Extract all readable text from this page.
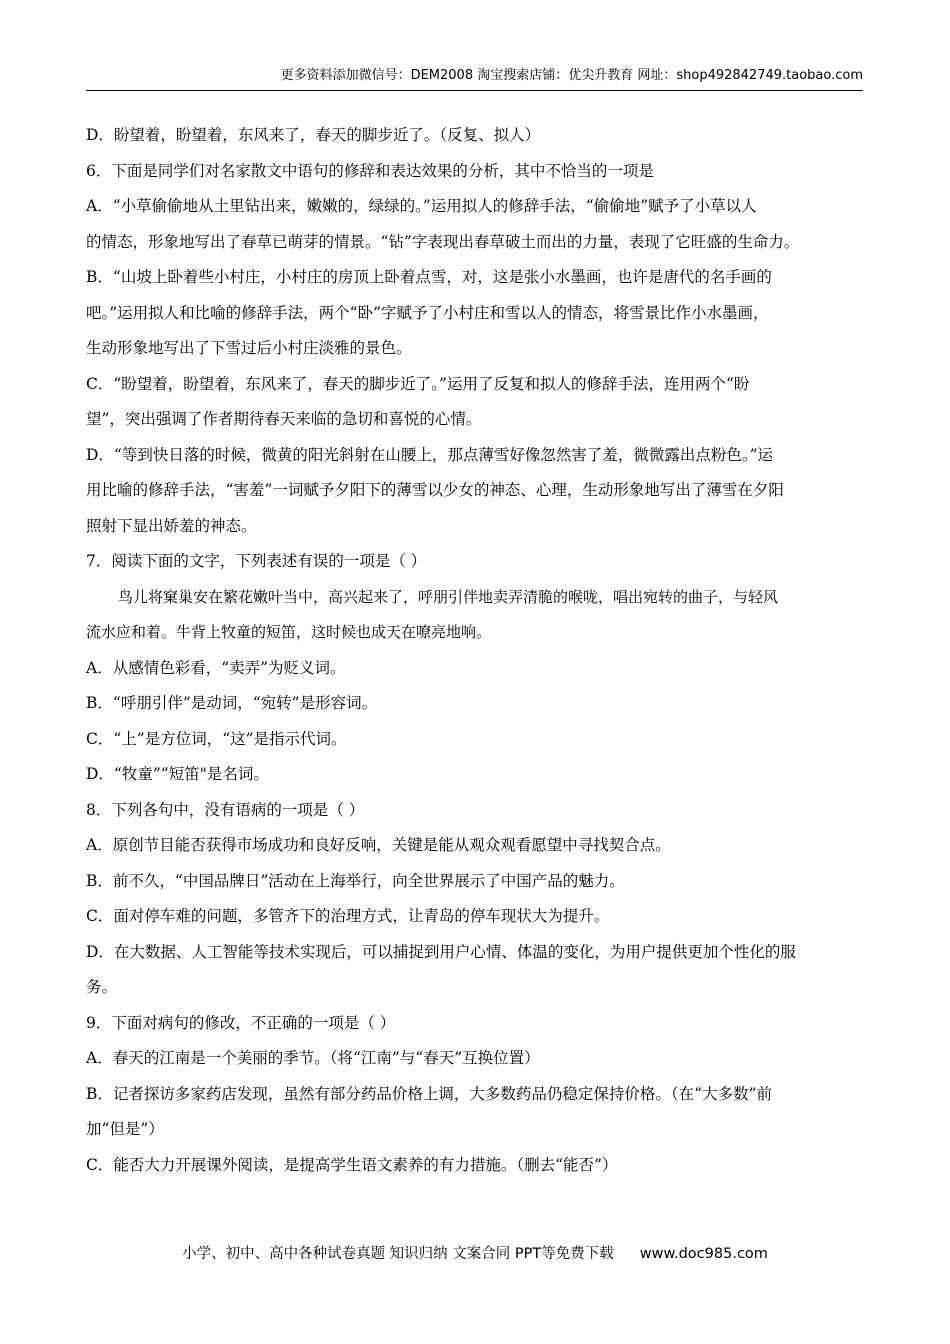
更多资料添加微信号：DEM2008 淘宝搜索店铺：优尖升教育 网址：shop492842749.taobao.com
D．盼望着，盼望着，东风来了，春天的脚步近了。（反复、拟人）
6．下面是同学们对名家散文中语句的修辞和表达效果的分析，其中不恰当的一项是
A．“小草偷偷地从土里钻出来，嫩嫩的，绿绿的。”运用拟人的修辞手法，“偷偷地”赋予了小草以人
的情态，形象地写出了春草已萌芽的情景。“钻”字表现出春草破土而出的力量，表现了它旺盛的生命力。
B．“山坡上卧着些小村庄，小村庄的房顶上卧着点雪，对，这是张小水墨画，也许是唐代的名手画的
吧。”运用拟人和比喻的修辞手法，两个“卧”字赋予了小村庄和雪以人的情态，将雪景比作小水墨画，
生动形象地写出了下雪过后小村庄淡雅的景色。
C．“盼望着，盼望着，东风来了，春天的脚步近了。”运用了反复和拟人的修辞手法，连用两个“盼
望”，突出强调了作者期待春天来临的急切和喜悦的心情。
D．“等到快日落的时候，微黄的阳光斜射在山腰上，那点薄雪好像忽然害了羞，微微露出点粉色。”运
用比喻的修辞手法，“害羞”一词赋予夕阳下的薄雪以少女的神态、心理，生动形象地写出了薄雪在夕阳
照射下显出娇羞的神态。
7．阅读下面的文字，下列表述有误的一项是（ ）
鸟儿将窠巢安在繁花嫩叶当中，高兴起来了，呼朋引伴地卖弄清脆的喉咙，唱出宛转的曲子，与轻风
流水应和着。牛背上牧童的短笛，这时候也成天在嘹亮地响。
A．从感情色彩看，“卖弄”为贬义词。
B．“呼朋引伴”是动词，“宛转”是形容词。
C．“上”是方位词，“这”是指示代词。
D．“牧童”“短笛"是名词。
8．下列各句中，没有语病的一项是（ ）
A．原创节目能否获得市场成功和良好反响，关键是能从观众观看愿望中寻找契合点。
B．前不久，“中国品牌日”活动在上海举行，向全世界展示了中国产品的魅力。
C．面对停车难的问题，多管齐下的治理方式，让青岛的停车现状大为提升。
D．在大数据、人工智能等技术实现后，可以捕捉到用户心情、体温的变化，为用户提供更加个性化的服
务。
9．下面对病句的修改，不正确的一项是（ ）
A．春天的江南是一个美丽的季节。（将“江南”与“春天”互换位置）
B．记者探访多家药店发现，虽然有部分药品价格上调，大多数药品仍稳定保持价格。（在“大多数”前
加“但是”）
C．能否大力开展课外阅读，是提高学生语文素养的有力措施。（删去“能否”）
小学、初中、高中各种试卷真题 知识归纳 文案合同 PPT等免费下载 www.doc985.com
